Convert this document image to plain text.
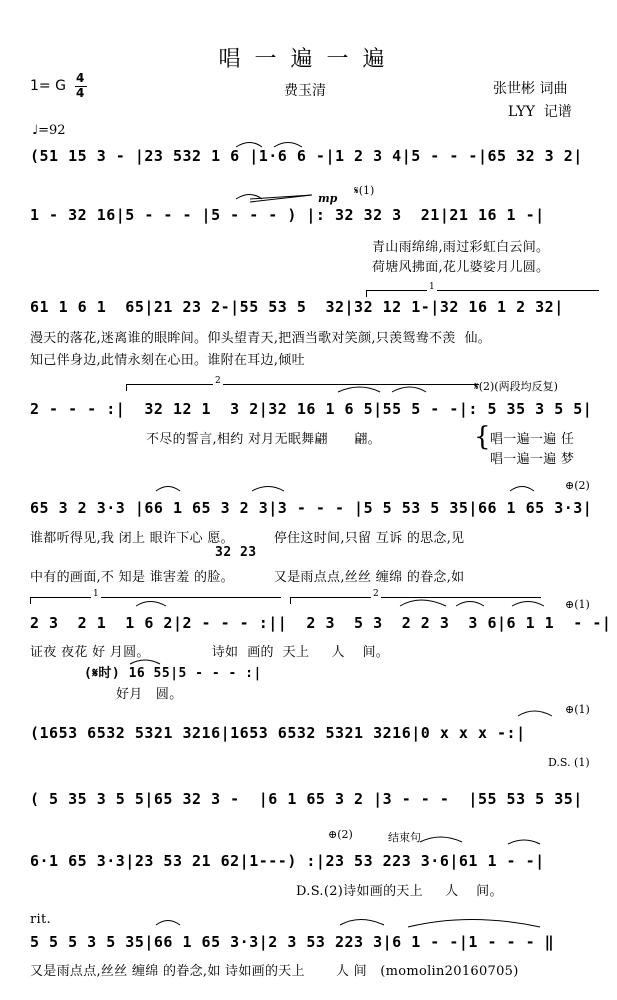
唱一遍一遍
1= G 4
4	费玉清	张世彬 词曲
LYY  记谱
♩=92
(51 15 3 - |23 532 1 6 |1·6 6 -|1 2 3 4|5 - - -|65 32 3 2|
𝄋(1)
mp
1 - 32 16|5 - - - |5 - - - ) |: 32 32 3  21|21 16 1 -|
青山雨绵绵,雨过彩虹白云间。
荷塘风拂面,花儿婆娑月儿圆。
1
61 1 6 1  65|21 23 2-|55 53 5  32|32 12 1-|32 16 1 2 32|
漫天的落花,迷离谁的眼眸间。仰头望青天,把酒当歌对笑颜,只羡鸳鸯不羡  仙。
知己伴身边,此情永刻在心田。谁附在耳边,倾吐
2	𝄋(2)(两段均反复)
2 - - - :|  32 12 1  3 2|32 16 1 6 5|55 5 - -|: 5 35 3 5 5|
不尽的誓言,相约 对月无眠舞翩      翩。	{ 唱一遍一遍 任
唱一遍一遍 梦
⊕(2)
65 3 2 3·3 |66 1 65 3 2 3|3 - - - |5 5 53 5 35|66 1 65 3·3|
谁都听得见,我 闭上 眼许下心 愿。         停住这时间,只留 互诉 的思念,见
32 23
中有的画面,不 知是 谁害羞 的脸。         又是雨点点,丝丝 缠绵 的眷念,如
1	2
⊕(1)
2 3  2 1  1 6 2|2 - - - :||  2 3  5 3  2 2 3  3 6|6 1 1  - -|
证夜 夜花 好 月圆。              诗如  画的  天上     人    间。
(𝄋时) 16 55|5 - - - :|
好月   圆。
⊕(1)
(1653 6532 5321 3216|1653 6532 5321 3216|0 x x x -:|
D.S. (1)
( 5 35 3 5 5|65 32 3 -  |6 1 65 3 2 |3 - - -  |55 53 5 35|
⊕(2)	结束句
6·1 65 3·3|23 53 21 62|1---) :|23 53 223 3·6|61 1 - -|
D.S.(2)诗如画的天上     人    间。
rit.
5 5 5 3 5 35|66 1 65 3·3|2 3 53 223 3|6 1 - -|1 - - - ‖
又是雨点点,丝丝 缠绵 的眷念,如 诗如画的天上       人 间   (momolin20160705)
